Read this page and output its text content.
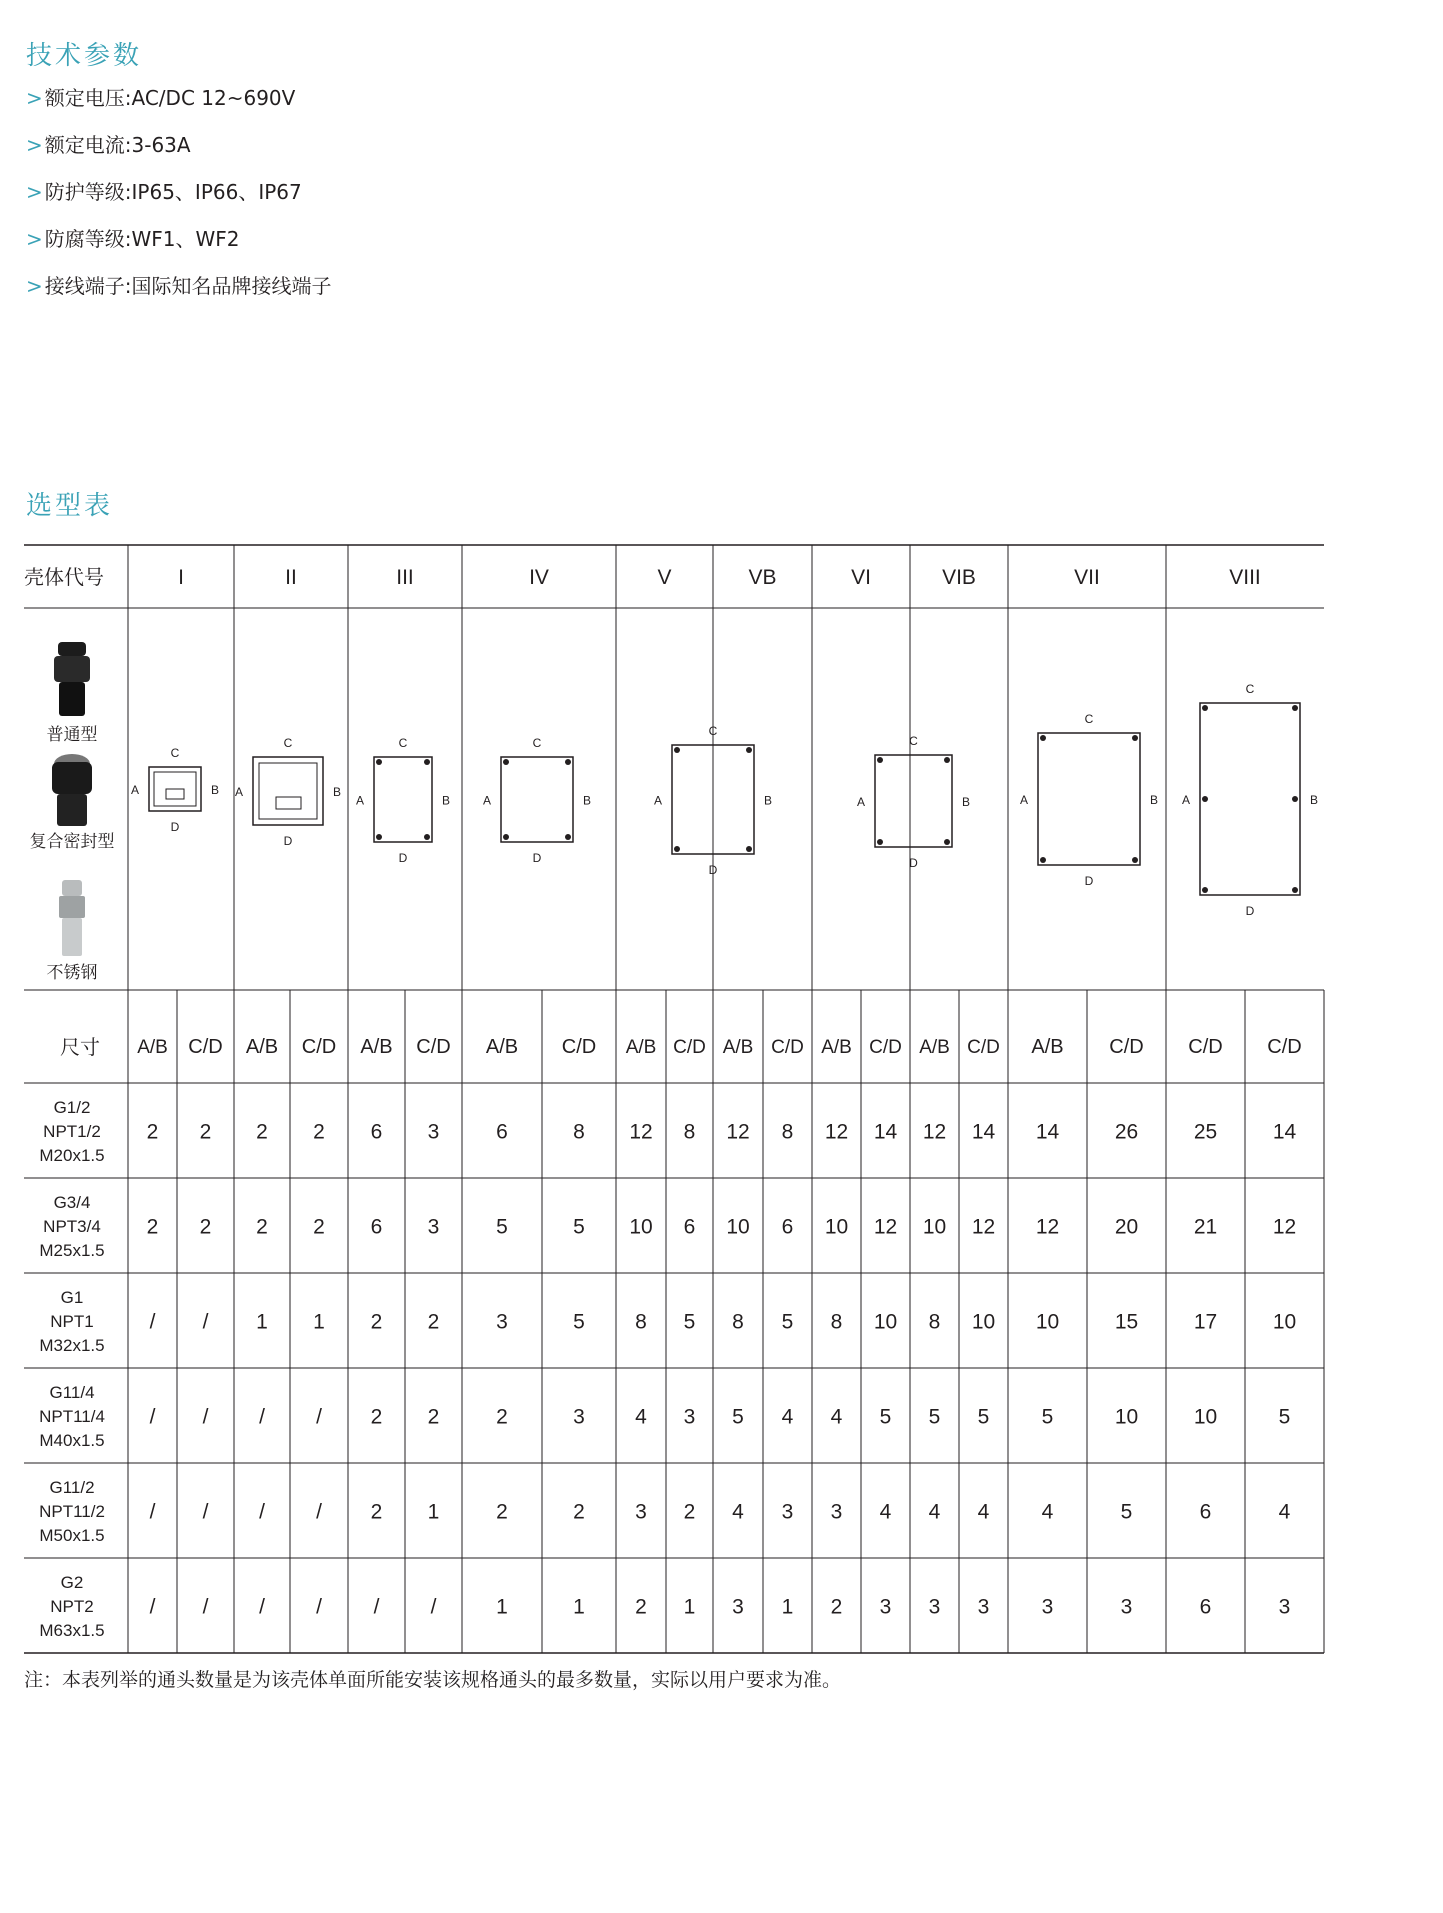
技术参数
> 额定电压:AC/DC 12~690V
> 额定电流:3-63A
> 防护等级:IP65、IP66、IP67
> 防腐等级:WF1、WF2
> 接线端子:国际知名品牌接线端子
选型表
壳体代号	I	II	III	IV	V	VB	VI	VIB	VII	VIII
普通型
复合密封型
不锈钢
A	B
C
D
A	B
C
D
A	B
C
D
A	B
C
D
A	B
C
D
A	B
C
D
A	B
C
D
A	B
C
D
尺寸 A/B C/D A/B C/D A/B C/D A/B C/D A/B C/D A/B C/D A/B C/D A/B C/D A/B C/D C/D C/D
G1/2
NPT1/2
M20x1.5
2 2 2 2 6 3	6	8 12 8 12 8 12 14 12 14 14	26	25	14
G3/4
NPT3/4
M25x1.5
2 2 2 2 6 3	5	5 10 6 10 6 10 12 10 12 12	20	21	12
G1
NPT1
M32x1.5
/ / 1 1 2 2	3	5 8 5 8 5 8 10 8 10 10	15	17	10
G11/4
NPT11/4
M40x1.5
/ / / / 2 2	2	3 4 3 5 4 4 5 5 5 5	10	10	5
G11/2
NPT11/2
M50x1.5
/ / / / 2 1	2	2 3 2 4 3 3 4 4 4 4	5	6	4
G2
NPT2
M63x1.5
/ / / / / /	1	1 2 1 3 1 2 3 3 3 3	3	6	3
注：本表列举的通头数量是为该壳体单面所能安装该规格通头的最多数量，实际以用户要求为准。
